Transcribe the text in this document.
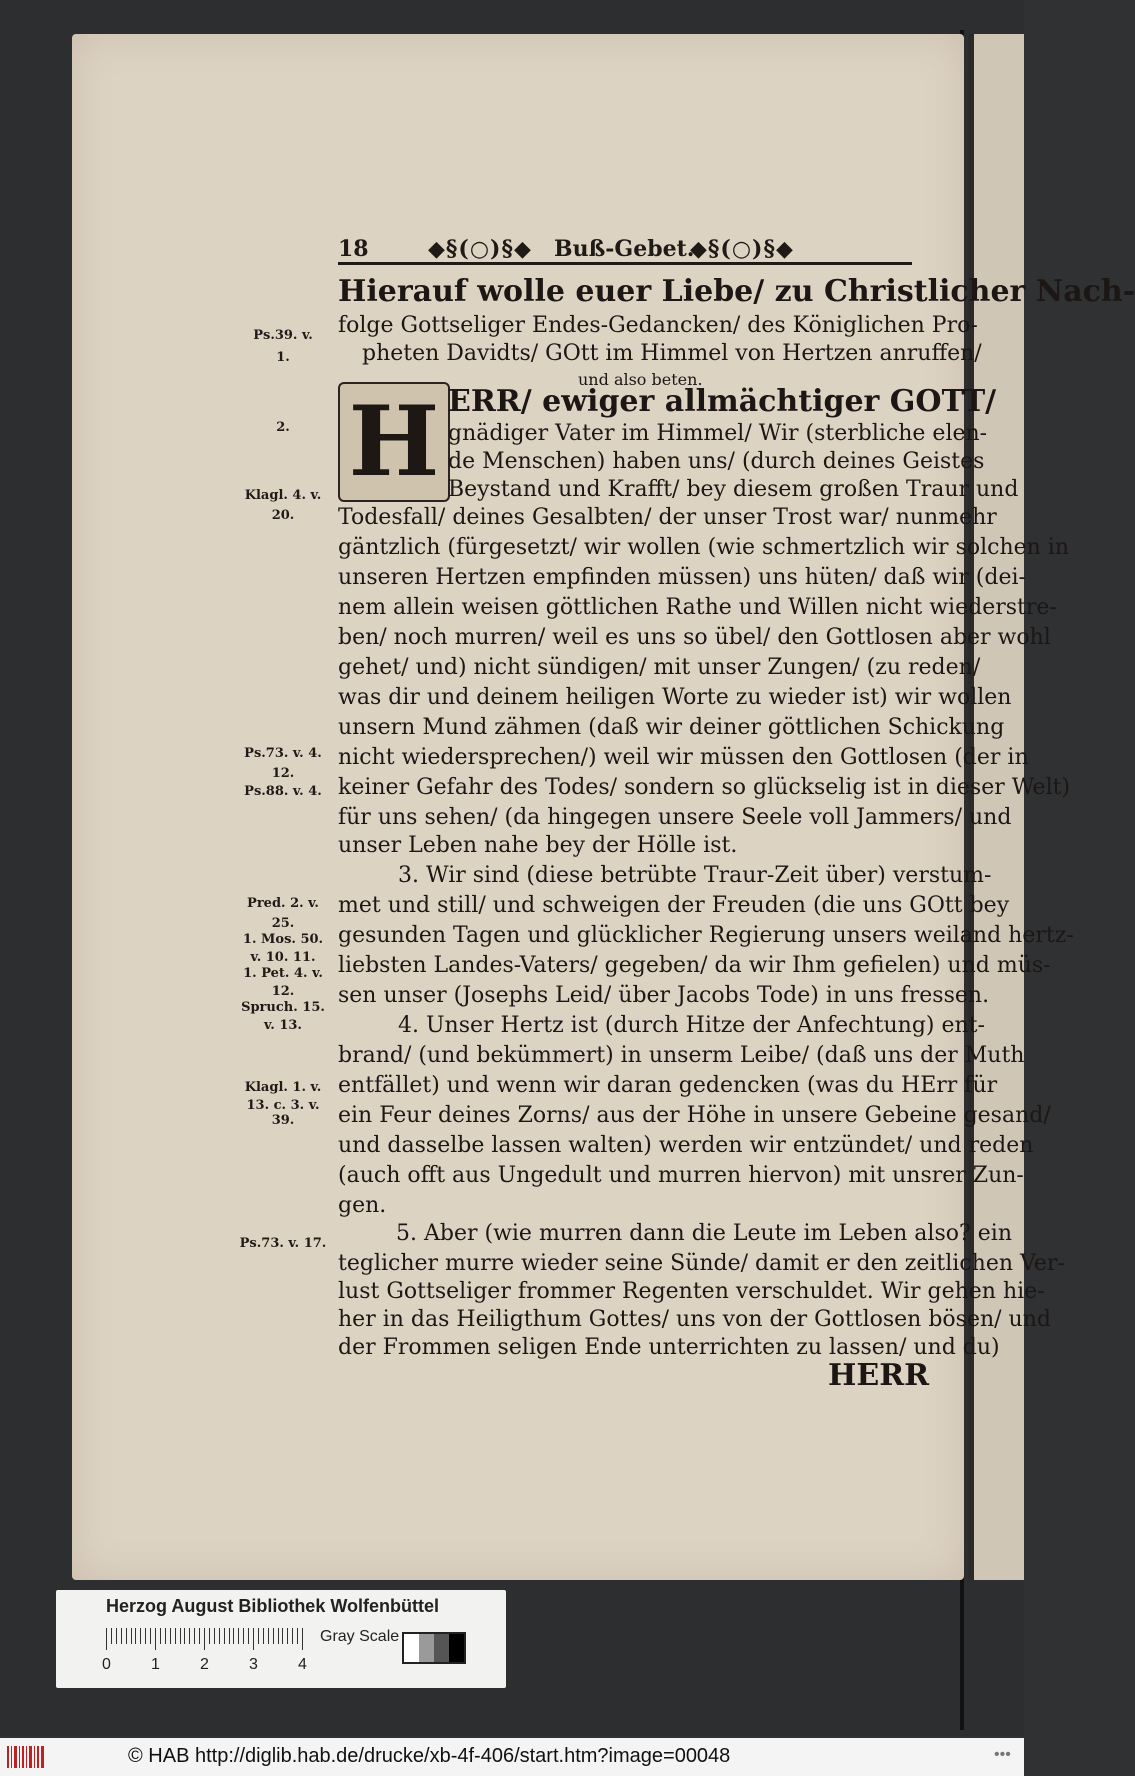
18	◆§(○)§◆ Buß-Gebet.
◆§(○)§◆
H
Hierauf wolle euer Liebe/ zu Christlicher Nach-
folge Gottseliger Endes-Gedancken/ des Königlichen Pro-
pheten Davidts/ GOtt im Himmel von Hertzen anruffen/
und also beten.
ERR/ ewiger allmächtiger GOTT/
gnädiger Vater im Himmel/ Wir (sterbliche elen-
de Menschen) haben uns/ (durch deines Geistes
Beystand und Krafft/ bey diesem großen Traur und
Todesfall/ deines Gesalbten/ der unser Trost war/ nunmehr
gäntzlich (fürgesetzt/ wir wollen (wie schmertzlich wir solchen in
unseren Hertzen empfinden müssen) uns hüten/ daß wir (dei-
nem allein weisen göttlichen Rathe und Willen nicht wiederstre-
ben/ noch murren/ weil es uns so übel/ den Gottlosen aber wohl
gehet/ und) nicht sündigen/ mit unser Zungen/ (zu reden/
was dir und deinem heiligen Worte zu wieder ist) wir wollen
unsern Mund zähmen (daß wir deiner göttlichen Schickung
nicht wiedersprechen/) weil wir müssen den Gottlosen (der in
keiner Gefahr des Todes/ sondern so glückselig ist in dieser Welt)
für uns sehen/ (da hingegen unsere Seele voll Jammers/ und
unser Leben nahe bey der Hölle ist.
3. Wir sind (diese betrübte Traur-Zeit über) verstum-
met und still/ und schweigen der Freuden (die uns GOtt bey
gesunden Tagen und glücklicher Regierung unsers weiland hertz-
liebsten Landes-Vaters/ gegeben/ da wir Ihm gefielen) und müs-
sen unser (Josephs Leid/ über Jacobs Tode) in uns fressen.
4. Unser Hertz ist (durch Hitze der Anfechtung) ent-
brand/ (und bekümmert) in unserm Leibe/ (daß uns der Muth
entfället) und wenn wir daran gedencken (was du HErr für
ein Feur deines Zorns/ aus der Höhe in unsere Gebeine gesand/
und dasselbe lassen walten) werden wir entzündet/ und reden
(auch offt aus Ungedult und murren hiervon) mit unsrer Zun-
gen.
5. Aber (wie murren dann die Leute im Leben also? ein
teglicher murre wieder seine Sünde/ damit er den zeitlichen Ver-
lust Gottseliger frommer Regenten verschuldet. Wir gehen hie-
her in das Heiligthum Gottes/ uns von der Gottlosen bösen/ und
der Frommen seligen Ende unterrichten zu lassen/ und du)
HERR
Ps.39. v.
1.
2.
Klagl. 4. v.
20.
Ps.73. v. 4.
12.
Ps.88. v. 4.
Pred. 2. v.
25.
1. Mos. 50.
v. 10. 11.
1. Pet. 4. v.
12.
Spruch. 15.
v. 13.
Klagl. 1. v.
13. c. 3. v. 39.
Ps.73. v. 17.
Herzog August Bibliothek Wolfenbüttel
Gray Scale
0	1	2	3	4
© HAB http://diglib.hab.de/drucke/xb-4f-406/start.htm?image=00048	•••
